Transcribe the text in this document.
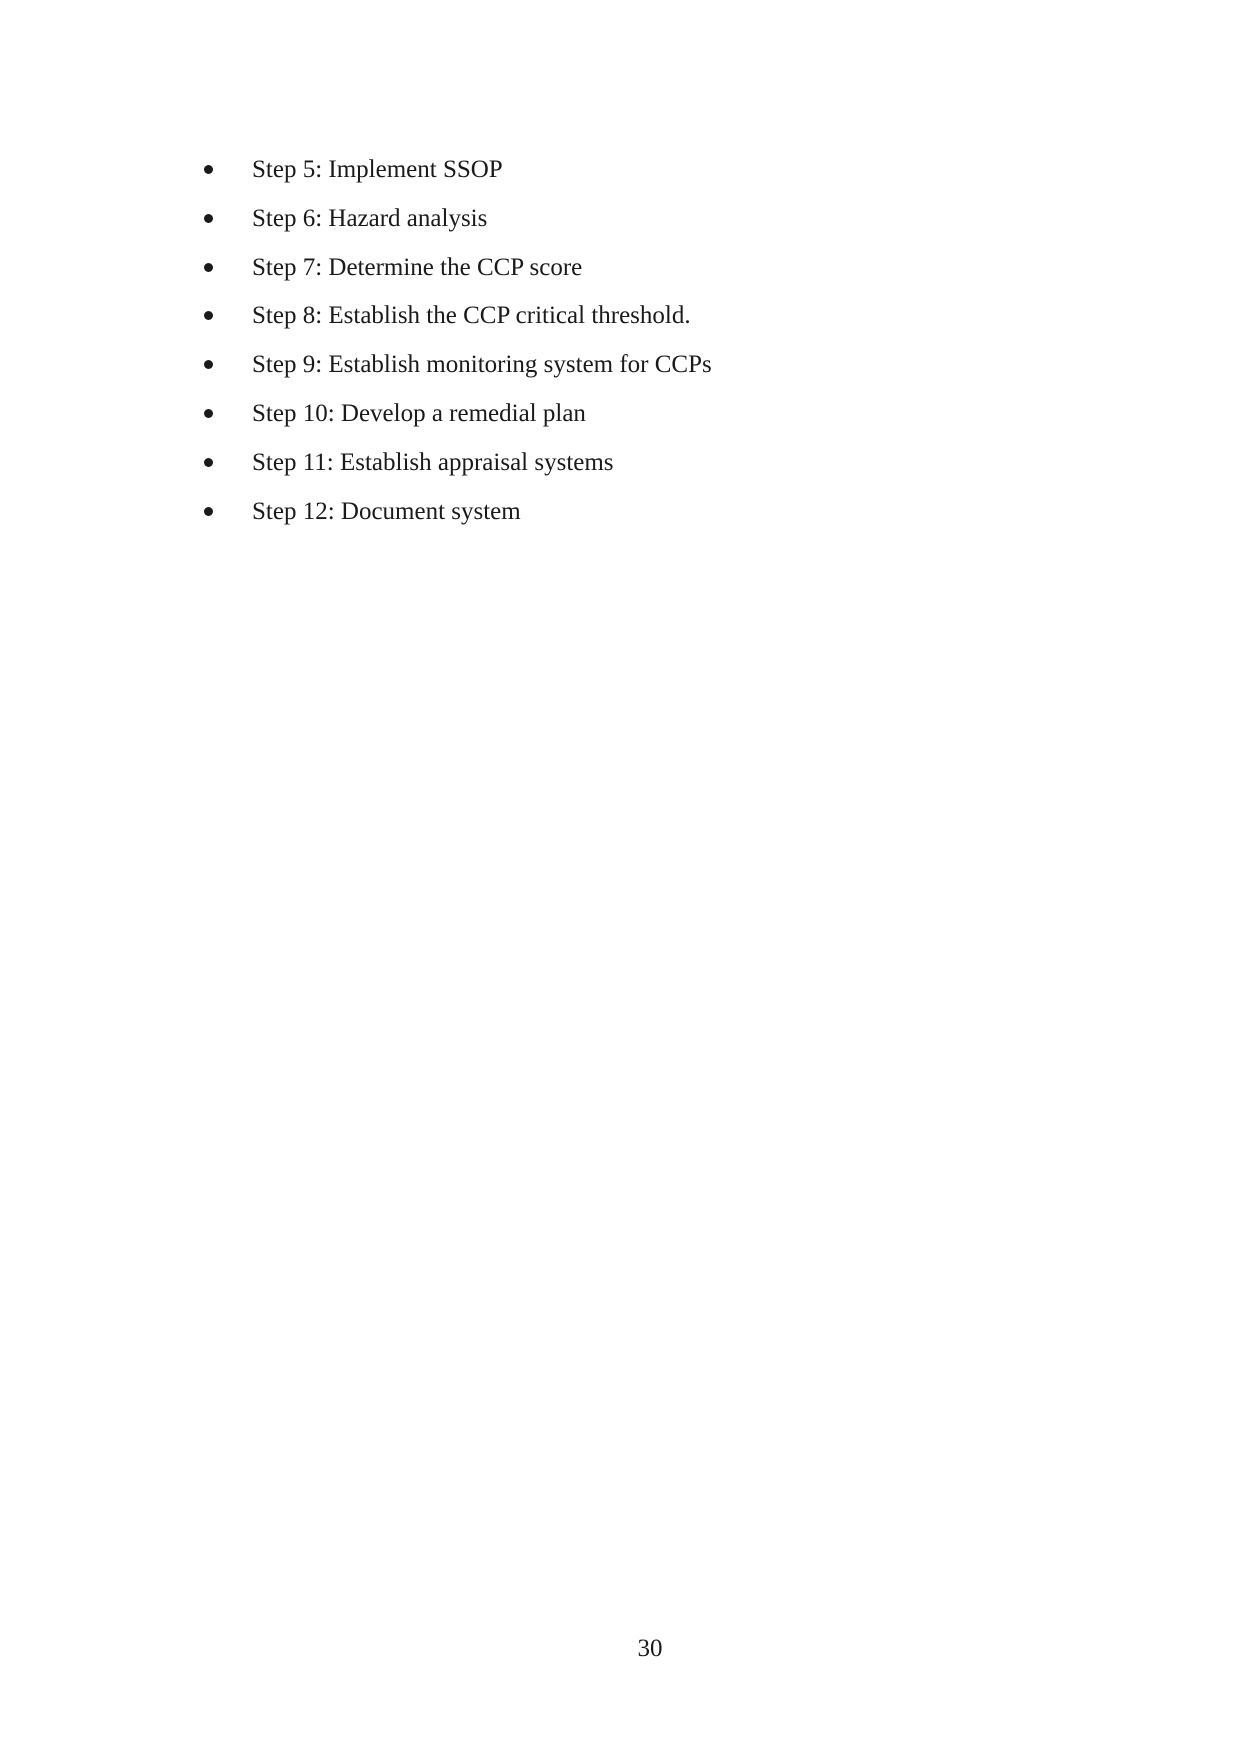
Step 5: Implement SSOP
Step 6: Hazard analysis
Step 7: Determine the CCP score
Step 8: Establish the CCP critical threshold.
Step 9: Establish monitoring system for CCPs
Step 10: Develop a remedial plan
Step 11: Establish appraisal systems
Step 12: Document system
30
